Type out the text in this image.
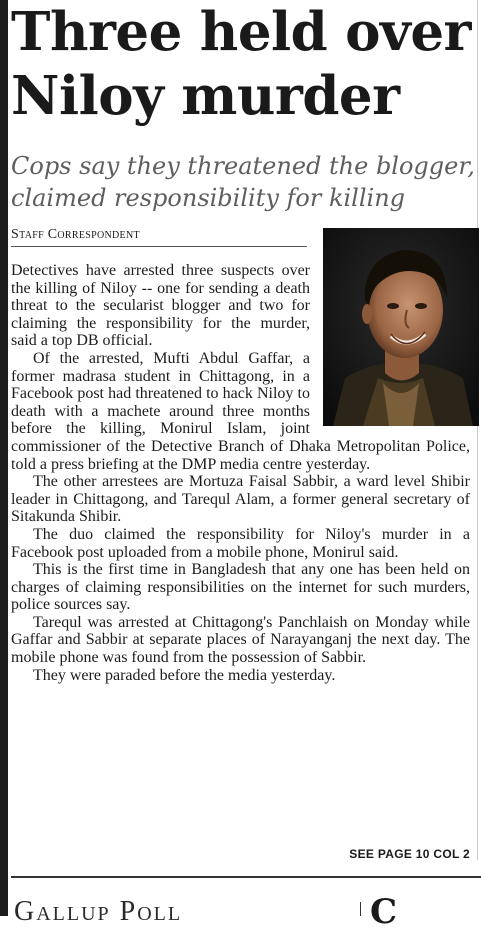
Three held over
Niloy murder
Cops say they threatened the blogger,
claimed responsibility for killing
Staff Correspondent

Detectives have arrested three suspects over the killing of Niloy -- one for sending a death threat to the secularist blogger and two for claiming the responsibility for the murder, said a top DB official.

Of the arrested, Mufti Abdul Gaffar, a former madrasa student in Chittagong, in a Facebook post had threatened to hack Niloy to death with a machete around three months before the killing, Monirul Islam, joint commissioner of the Detective Branch of Dhaka Metropolitan Police, told a press briefing at the DMP media centre yesterday.

The other arrestees are Mortuza Faisal Sabbir, a ward level Shibir leader in Chittagong, and Tarequl Alam, a former general secretary of Sitakunda Shibir.

The duo claimed the responsibility for Niloy's murder in a Facebook post uploaded from a mobile phone, Monirul said.

This is the first time in Bangladesh that any one has been held on charges of claiming responsibilities on the internet for such murders, police sources say.

Tarequl was arrested at Chittagong's Panchlaish on Monday while Gaffar and Sabbir at separate places of Narayanganj the next day. The mobile phone was found from the possession of Sabbir.

They were paraded before the media yesterday.

SEE PAGE 10 COL 2
Gallup Poll	C
